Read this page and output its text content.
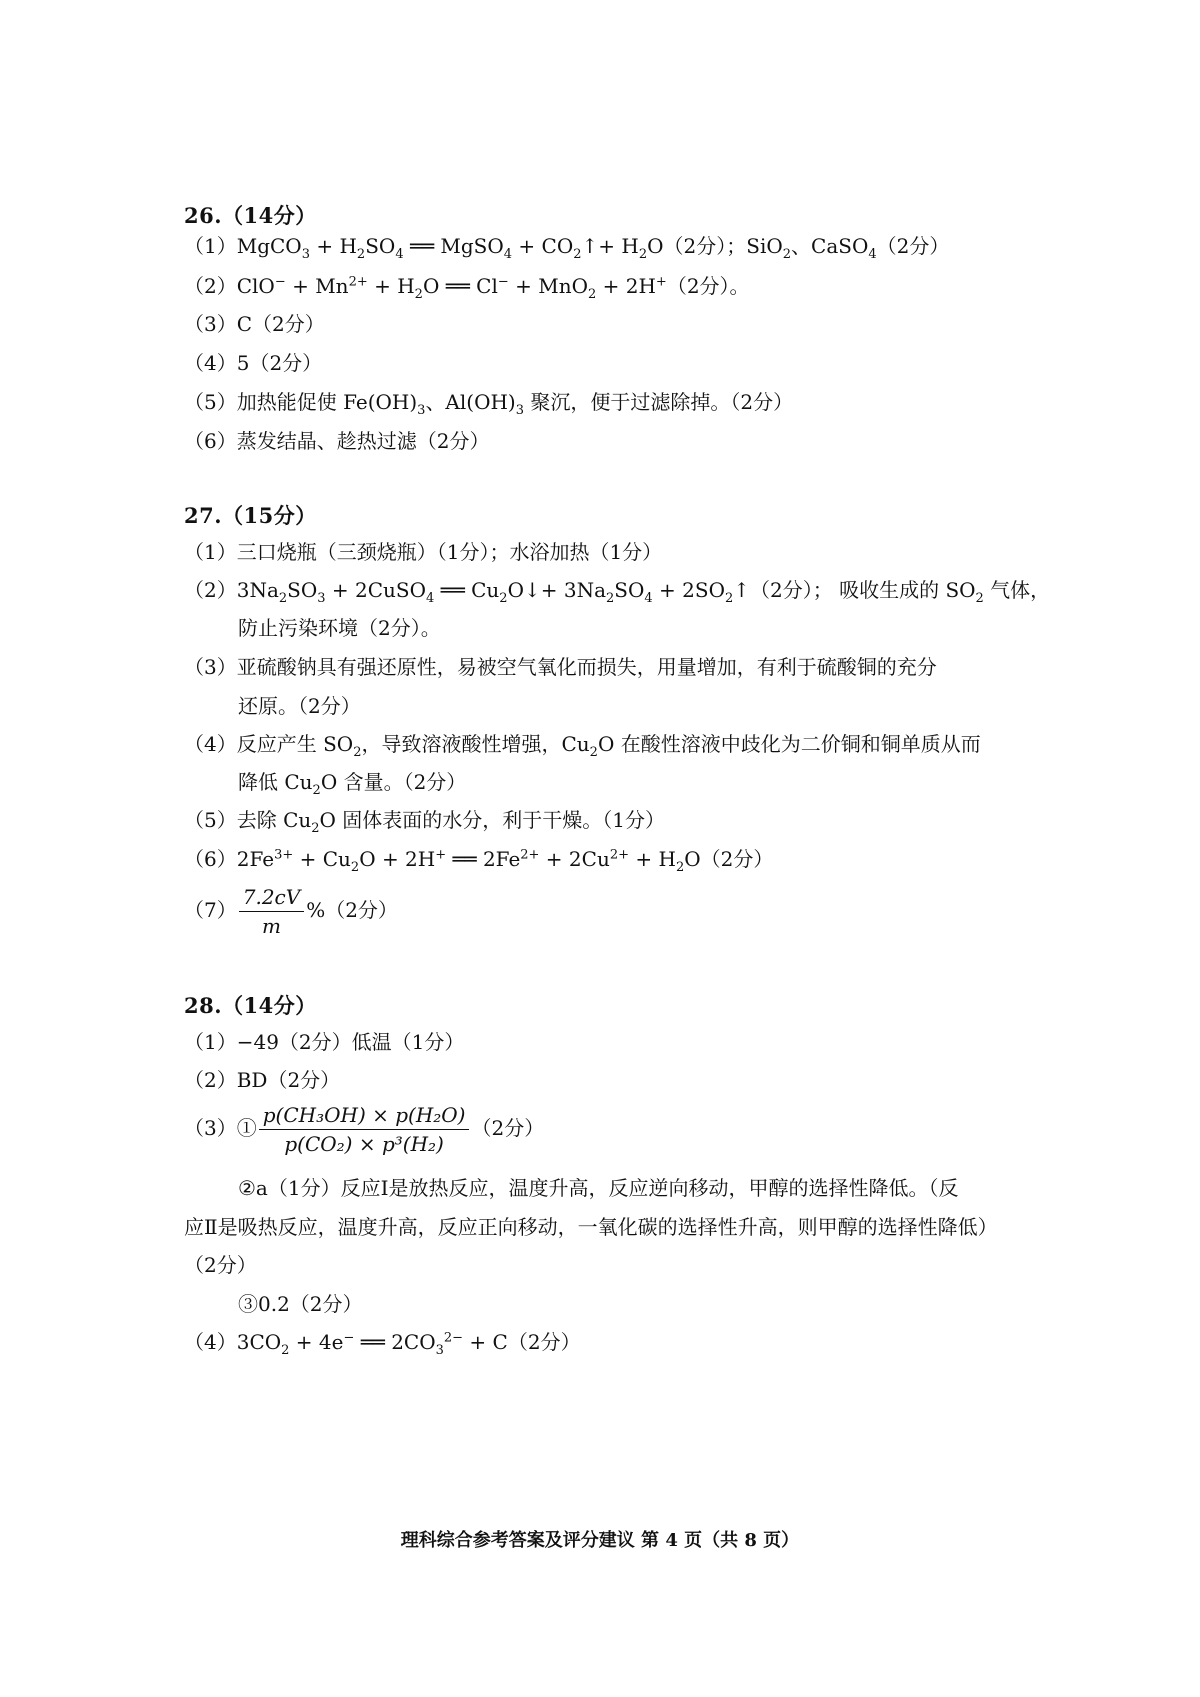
26.（14分）
（1）MgCO$_3$ + $H_2SO_4$ ══ MgSO$_4$ + $CO_2↑+ H_2O(2$分）；SiO$_2$、CaSO$_4$（2分）
$(2)ClO^- + Mn^{2+} + H_2O$ ══ Cl− + MnO$_2$ + 2H+（2分）。
（3）C（2分）
（4）5（2分）
（5）加热能促使 $Fe(OH)_3$、$Al(OH)_3$ 聚沉，便于过滤除掉。（2分）
（6）蒸发结晶、趁热过滤（2分）
27.（15分）
（1）三口烧瓶（三颈烧瓶）（1分）；水浴加热（1分）
$(2)3Na_2SO_3$ + 2CuSO$_4$ ══ $Cu_2O↓+ 3Na_2SO_4$ + $2SO_2↑(2$分）； 吸收生成的 $SO_2$ 气体，
防止污染环境（2分）。
（3）亚硫酸钠具有强还原性，易被空气氧化而损失，用量增加，有利于硫酸铜的充分
还原。（2分）
（4）反应产生 $SO_2$，导致溶液酸性增强，$Cu_2O$ 在酸性溶液中歧化为二价铜和铜单质从而
降低 $Cu_2O$ 含量。（2分）
（5）去除 $Cu_2O$ 固体表面的水分，利于干燥。（1分）
$(6)2Fe^{3+} + Cu_2O + 2H^+$ ══ $2Fe^{2+} + 2Cu^{2+} + H_2O(2$分）
$(7) \frac{7.2cV}{m} \%(2$分）
28.（14分）
（1）−49（2分）低温（1分）
（2）BD（2分）
（3）① $\frac{\text{p(CH₃OH) × p(H₂O)}}{\text{p(CO₂) × p³(H₂)}} (2$分）
②a（1分）反应Ⅰ是放热反应，温度升高，反应逆向移动，甲醇的选择性降低。（反
应Ⅱ是吸热反应，温度升高，反应正向移动，一氧化碳的选择性升高，则甲醇的选择性降低）
（2分）
③0.2（2分）
$(4)3CO_2 + 4e^-$ ══ $2CO_3^{2-} + C(2$分）
理科综合参考答案及评分建议 第 4 页（共 8 页）
